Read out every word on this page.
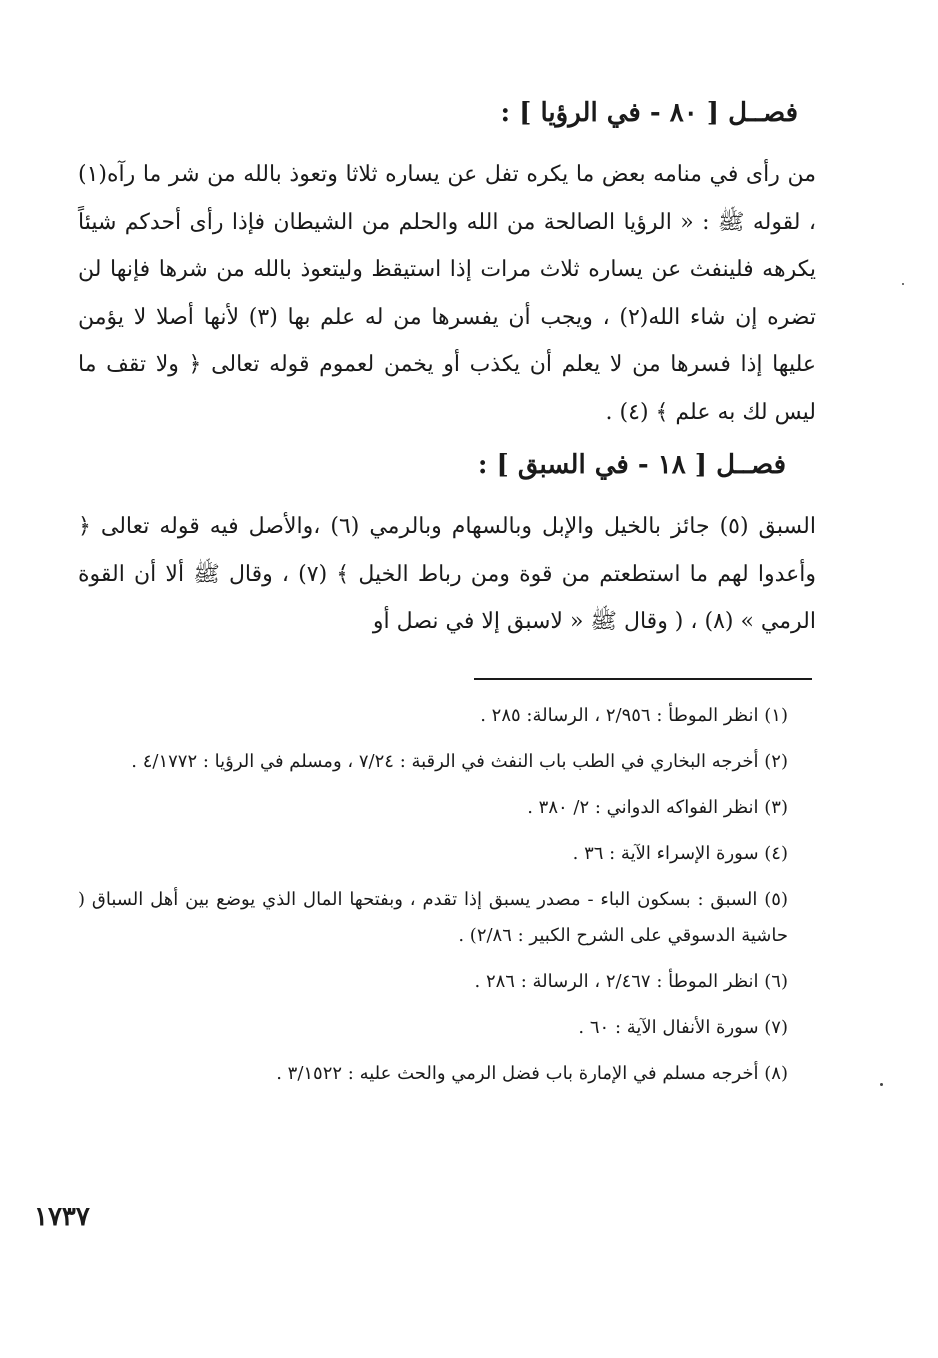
فصــل [ ٨٠ - في الرؤيا ] :

من رأى في منامه بعض ما يكره تفل عن يساره ثلاثا وتعوذ بالله من شر ما رآه(١) ، لقوله ﷺ : « الرؤيا الصالحة من الله والحلم من الشيطان فإذا رأى أحدكم شيئاً يكرهه فلينفث عن يساره ثلاث مرات إذا استيقظ وليتعوذ بالله من شرها فإنها لن تضره إن شاء الله(٢) ، ويجب أن يفسرها من له علم بها (٣) لأنها أصلا لا يؤمن عليها إذا فسرها من لا يعلم أن يكذب أو يخمن لعموم قوله تعالى ﴿ ولا تقف ما ليس لك به علم ﴾ (٤) .

فصــل [ ١٨ - في السبق ] :

السبق (٥) جائز بالخيل والإبل وبالسهام وبالرمي (٦) ،والأصل فيه قوله تعالى ﴿ وأعدوا لهم ما استطعتم من قوة ومن رباط الخيل ﴾ (٧) ، وقال ﷺ ألا أن القوة الرمي » (٨) ، ( وقال ﷺ « لاسبق إلا في نصل أو

(١) انظر الموطأ : ٢/٩٥٦ ، الرسالة: ٢٨٥ .
(٢) أخرجه البخاري في الطب باب النفث في الرقبة : ٧/٢٤ ، ومسلم في الرؤيا : ٤/١٧٧٢ .
(٣) انظر الفواكه الدواني : ٢/ ٣٨٠ .
(٤) سورة الإسراء الآية : ٣٦ .
(٥) السبق : بسكون الباء - مصدر يسبق إذا تقدم ، وبفتحها المال الذي يوضع بين أهل السباق ( حاشية الدسوقي على الشرح الكبير : ٢/٨٦) .
(٦) انظر الموطأ : ٢/٤٦٧ ، الرسالة : ٢٨٦ .
(٧) سورة الأنفال الآية : ٦٠ .
(٨) أخرجه مسلم في الإمارة باب فضل الرمي والحث عليه : ٣/١٥٢٢ .
١٧٣٧
